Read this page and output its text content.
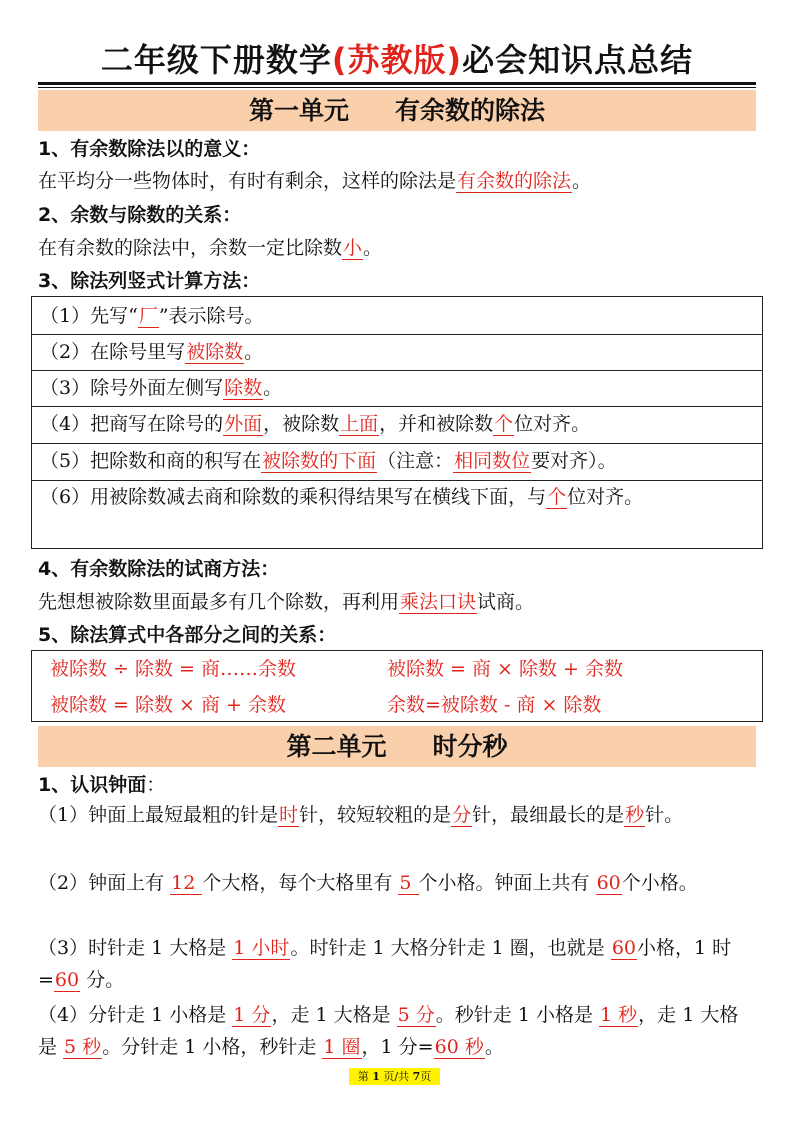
二年级下册数学(苏教版)必会知识点总结
第一单元 有余数的除法
1、有余数除法以的意义：
在平均分一些物体时，有时有剩余，这样的除法是有余数的除法。
2、余数与除数的关系：
在有余数的除法中，余数一定比除数小。
3、除法列竖式计算方法：
（1）先写“厂”表示除号。
（2）在除号里写被除数。
（3）除号外面左侧写除数。
（4）把商写在除号的外面，被除数上面，并和被除数个位对齐。
（5）把除数和商的积写在被除数的下面（注意：相同数位要对齐）。
（6）用被除数减去商和除数的乘积得结果写在横线下面，与个位对齐。
4、有余数除法的试商方法：
先想想被除数里面最多有几个除数，再利用乘法口诀试商。
5、除法算式中各部分之间的关系：
被除数 ÷ 除数 = 商……余数	被除数 = 商 × 除数 + 余数
被除数 = 除数 × 商 + 余数	余数=被除数 - 商 × 除数
第二单元 时分秒
1、认识钟面：
（1）钟面上最短最粗的针是时针，较短较粗的是分针，最细最长的是秒针。
（2）钟面上有 12 个大格，每个大格里有 5 个小格。钟面上共有 60个小格。
（3）时针走 1 大格是 1 小时。时针走 1 大格分针走 1 圈，也就是 60小格，1 时=60 分。
（4）分针走 1 小格是 1 分，走 1 大格是 5 分。秒针走 1 小格是 1 秒，走 1 大格是 5 秒。分针走 1 小格，秒针走 1 圈，1 分=60 秒。
第 1 页/共 7页
